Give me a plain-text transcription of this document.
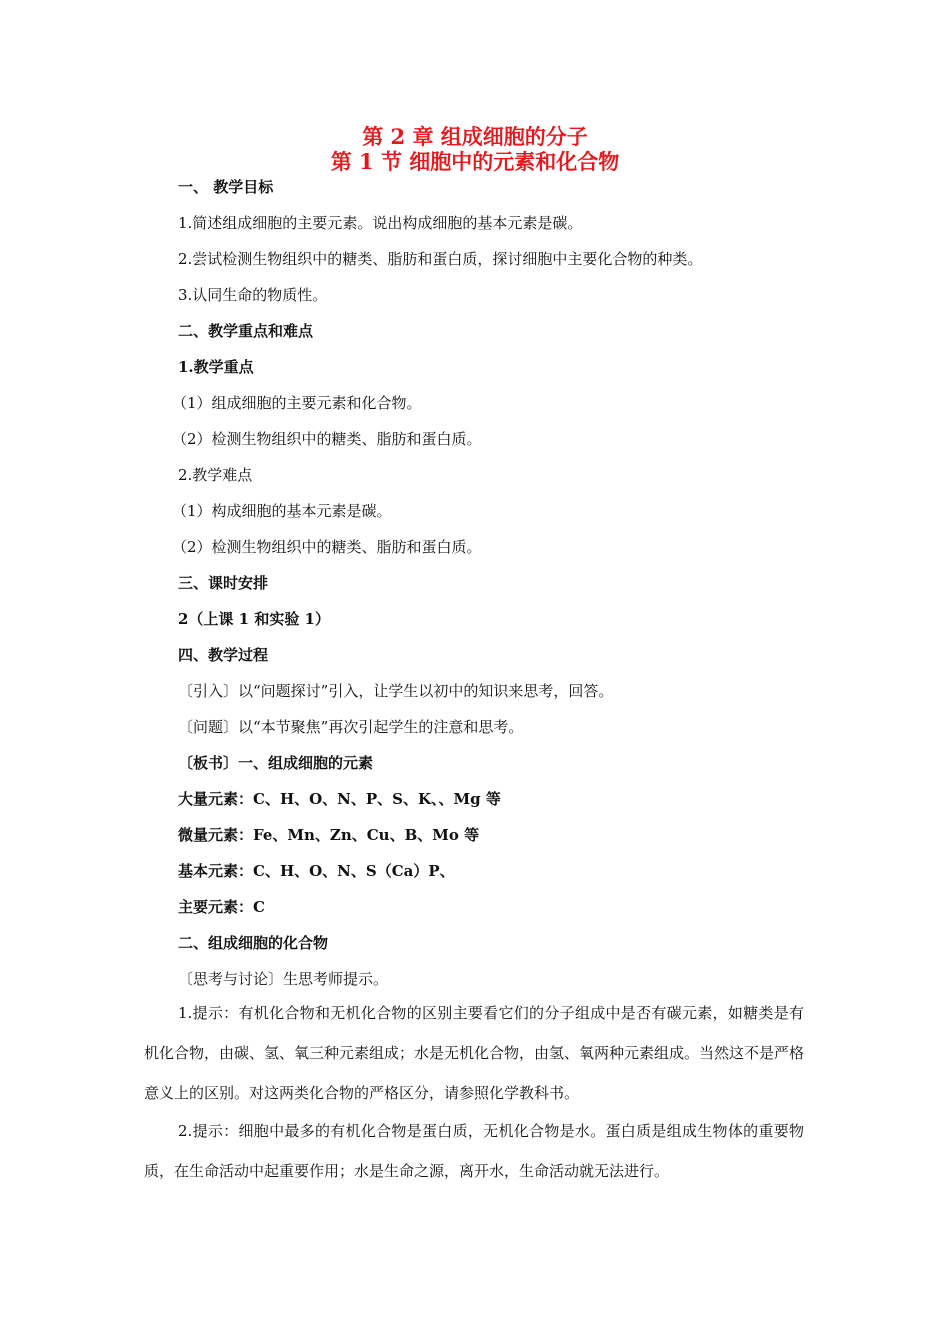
第 2 章 组成细胞的分子
第 1 节 细胞中的元素和化合物
一、 教学目标
1.简述组成细胞的主要元素。说出构成细胞的基本元素是碳。
2.尝试检测生物组织中的糖类、脂肪和蛋白质，探讨细胞中主要化合物的种类。
3.认同生命的物质性。
二、教学重点和难点
1.教学重点
（1）组成细胞的主要元素和化合物。
（2）检测生物组织中的糖类、脂肪和蛋白质。
2.教学难点
（1）构成细胞的基本元素是碳。
（2）检测生物组织中的糖类、脂肪和蛋白质。
三、课时安排
2（上课 1 和实验 1）
四、教学过程
〔引入〕以“问题探讨”引入，让学生以初中的知识来思考，回答。
〔问题〕以“本节聚焦”再次引起学生的注意和思考。
〔板书〕一、组成细胞的元素
大量元素：C、H、O、N、P、S、K、、Mg 等
微量元素：Fe、Mn、Zn、Cu、B、Mo 等
基本元素：C、H、O、N、S（Ca）P、
主要元素：C
二、组成细胞的化合物
〔思考与讨论〕生思考师提示。
1.提示：有机化合物和无机化合物的区别主要看它们的分子组成中是否有碳元素，如糖类是有机化合物，由碳、氢、氧三种元素组成；水是无机化合物，由氢、氧两种元素组成。当然这不是严格意义上的区别。对这两类化合物的严格区分，请参照化学教科书。
2.提示：细胞中最多的有机化合物是蛋白质，无机化合物是水。蛋白质是组成生物体的重要物质，在生命活动中起重要作用；水是生命之源，离开水，生命活动就无法进行。
